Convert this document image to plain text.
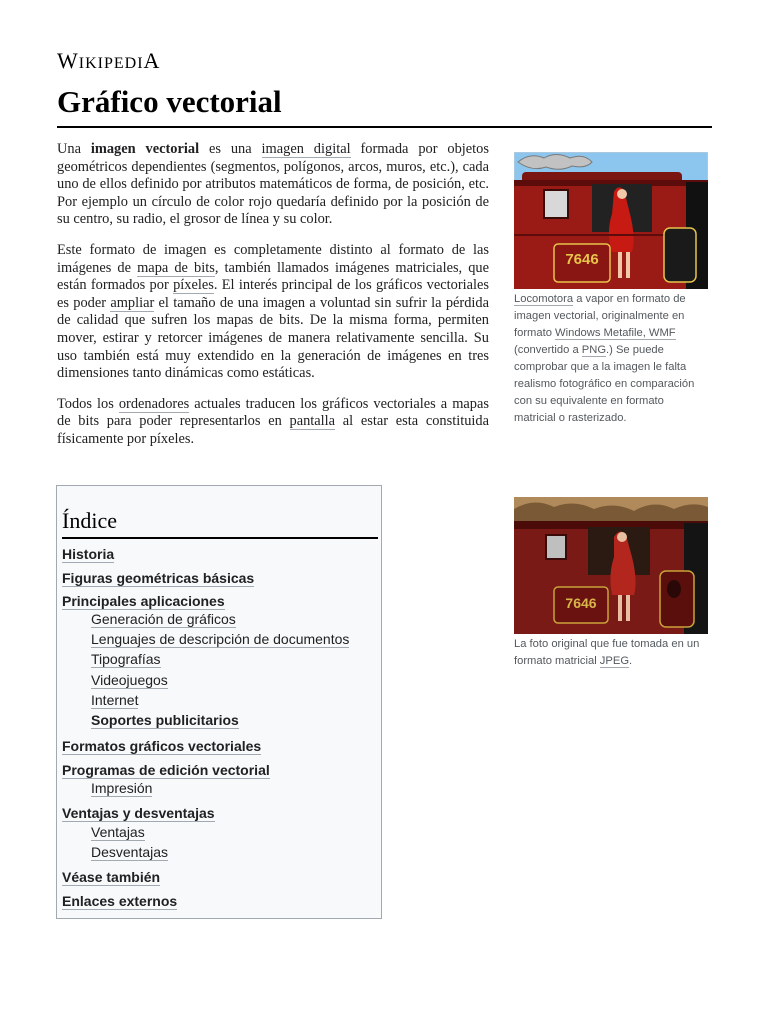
WIKIPEDIA
Gráfico vectorial

Una imagen vectorial es una imagen digital formada por objetos geométricos dependientes (segmentos, polígonos, arcos, muros, etc.), cada uno de ellos definido por atributos matemáticos de forma, de posición, etc. Por ejemplo un círculo de color rojo quedaría definido por la posición de su centro, su radio, el grosor de línea y su color.

Este formato de imagen es completamente distinto al formato de las imágenes de mapa de bits, también llamados imágenes matriciales, que están formados por píxeles. El interés principal de los gráficos vectoriales es poder ampliar el tamaño de una imagen a voluntad sin sufrir la pérdida de calidad que sufren los mapas de bits. De la misma forma, permiten mover, estirar y retorcer imágenes de manera relativamente sencilla. Su uso también está muy extendido en la generación de imágenes en tres dimensiones tanto dinámicas como estáticas.

Todos los ordenadores actuales traducen los gráficos vectoriales a mapas de bits para poder representarlos en pantalla al estar esta constituida físicamente por píxeles.

7646
Locomotora a vapor en formato de imagen vectorial, originalmente en formato Windows Metafile, WMF (convertido a PNG.) Se puede comprobar que a la imagen le falta realismo fotográfico en comparación con su equivalente en formato matricial o rasterizado.
7646
La foto original que fue tomada en un formato matricial JPEG.
Índice
Historia
Figuras geométricas básicas
Principales aplicaciones
Generación de gráficos
Lenguajes de descripción de documentos
Tipografías
Videojuegos
Internet
Soportes publicitarios
Formatos gráficos vectoriales
Programas de edición vectorial
Impresión
Ventajas y desventajas
Ventajas
Desventajas
Véase también
Enlaces externos
